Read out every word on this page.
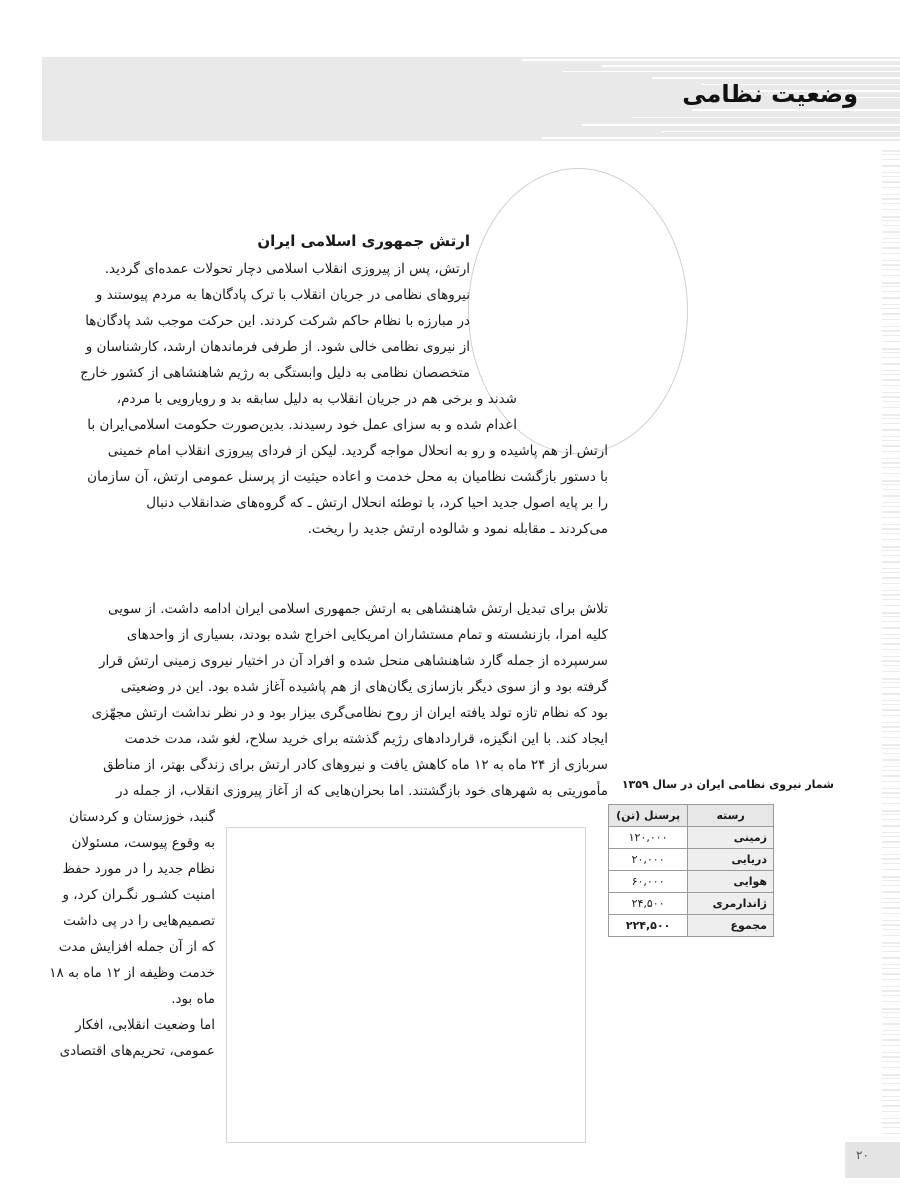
وضعیت نظامی
ارتش جمهوری اسلامی ایران

ارتش، پس از پیروزی انقلاب اسلامی دچار تحولات عمده‌ای گردید.

نیروهای نظامی در جریان انقلاب با ترک پادگان‌ها به مردم پیوستند و

در مبارزه با نظام حاکم شرکت کردند. این حرکت موجب شد پادگان‌ها

از نیروی نظامی خالی شود. از طرفی فرماندهان ارشد، کارشناسان و

متخصصان نظامی به دلیل وابستگی به رژیم شاهنشاهی از کشور خارج

شدند و برخی هم در جریان انقلاب به دلیل سابقه بد و رویارویی با مردم،

اعدام شده و به سزای عمل خود رسیدند. بدین‌صورت حکومت اسلامی‌ایران با

ارتش از هم پاشیده و رو به انحلال مواجه گردید. لیکن از فردای پیروزی انقلاب امام خمینی

با دستور بازگشت نظامیان به محل خدمت و اعاده حیثیت از پرسنل عمومی ارتش، آن سازمان

را بر پایه اصول جدید احیا کرد، با توطئه انحلال ارتش ـ که گروه‌های ضدانقلاب دنبال

می‌کردند ـ مقابله نمود و شالوده ارتش جدید را ریخت.

تلاش برای تبدیل ارتش شاهنشاهی به ارتش جمهوری اسلامی ایران ادامه داشت. از سویی

کلیه امرا، بازنشسته و تمام مستشاران امریکایی اخراج شده بودند، بسیاری از واحدهای

سرسپرده از جمله گارد شاهنشاهی منحل شده و افراد آن در اختیار نیروی زمینی ارتش قرار

گرفته بود و از سوی دیگر بازسازی یگان‌های از هم پاشیده آغاز شده بود. این در وضعیتی

بود که نظام تازه تولد یافته ایران از روح نظامی‌گری بیزار بود و در نظر نداشت ارتش مجهّزی

ایجاد کند. با این انگیزه، قراردادهای رژیم گذشته برای خرید سلاح، لغو شد، مدت خدمت

سربازی از ۲۴ ماه به ۱۲ ماه کاهش یافت و نیروهای کادر ارتش برای زندگی بهتر، از مناطق

مأموریتی به شهرهای خود بازگشتند. اما بحران‌هایی که از آغاز پیروزی انقلاب، از جمله در

گنبد، خوزستان و کردستان

به وقوع پیوست، مسئولان

نظام جدید را در مورد حفظ

امنیت کشـور نگـران کرد، و

تصمیم‌هایی را در پی داشت

که از آن جمله افزایش مدت

خدمت وظیفه از ۱۲ ماه به ۱۸

ماه بود.

اما وضعیت انقلابی، افکار

عمومی، تحریم‌های اقتصادی

شمار نیروی نظامی ایران در سال ۱۳۵۹

رسته	پرسنل (تن)
زمینی	۱۲۰,۰۰۰
دریایی	۲۰,۰۰۰
هوایی	۶۰,۰۰۰
ژاندارمری	۲۴,۵۰۰
مجموع	۲۲۴,۵۰۰
۲۰
